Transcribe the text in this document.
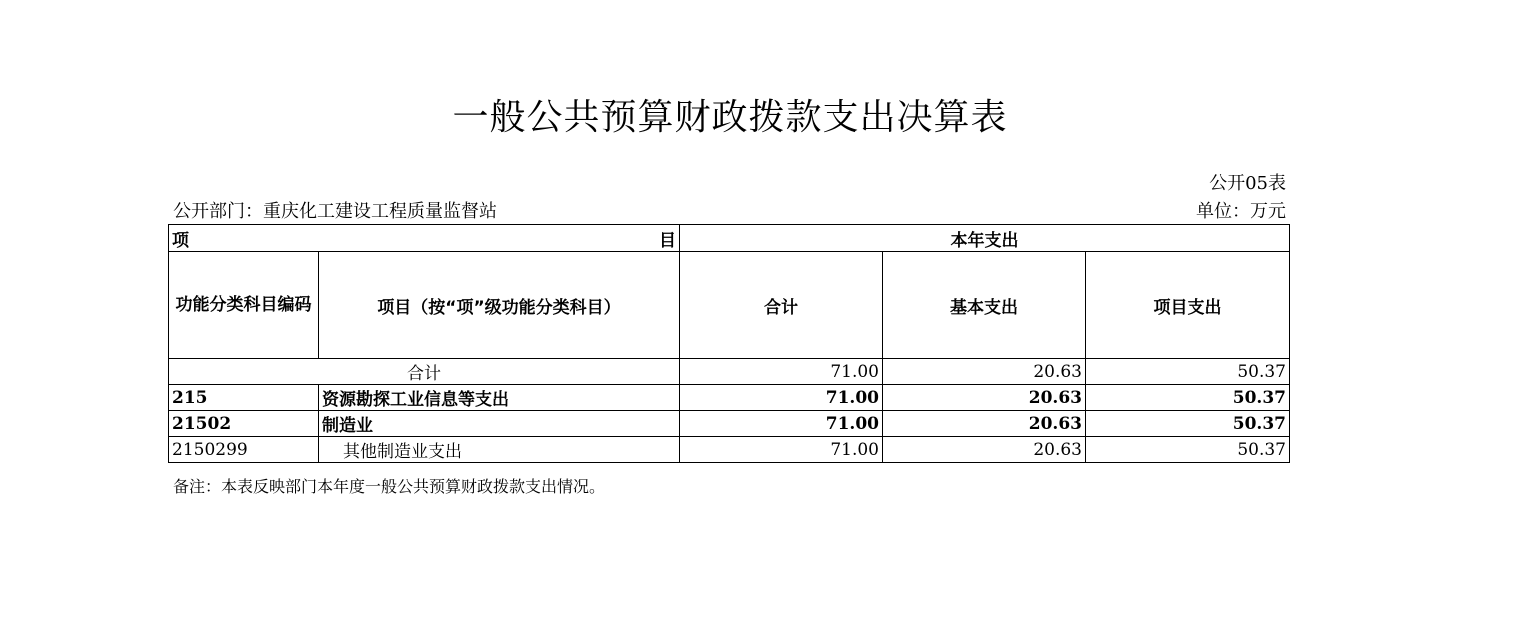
一般公共预算财政拨款支出决算表
公开05表
公开部门：重庆化工建设工程质量监督站	单位：万元
项 目		本年支出		
功能分类科目编码	项目（按“项”级功能分类科目）	合计	基本支出	项目支出
合计		71.00	20.63	50.37
215	资源勘探工业信息等支出	71.00	20.63	50.37
21502	制造业	71.00	20.63	50.37
2150299	其他制造业支出	71.00	20.63	50.37
备注：本表反映部门本年度一般公共预算财政拨款支出情况。
